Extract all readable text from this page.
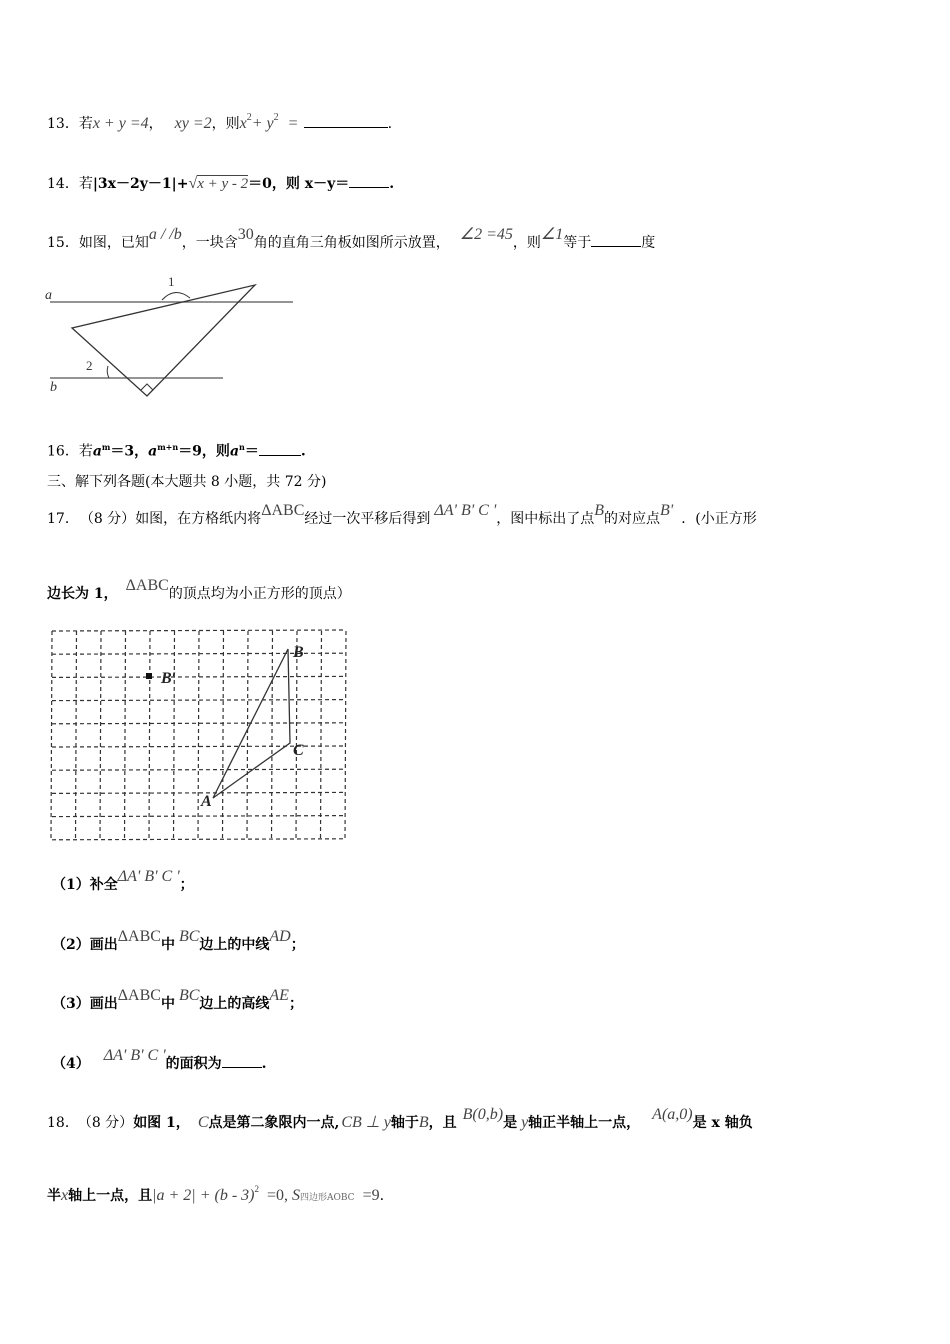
13．若x + y =4， xy =2，则$x^2+ y^2$ =	.
14．若|3x－2y－1|+√x + y - 2＝0，则 x－y＝	.
15．如图，已知a / /b，一块含30角的直角三角板如图所示放置， ∠2 =45，则∠1等于	度
a
b
1
2
16．若$a^m=3$，$a^{m+n}=9$，则$a^n=$	.
三、解下列各题(本大题共 8 小题，共 72 分)
17． （8 分）如图，在方格纸内将ΔABC经过一次平移后得到 ΔA' B' C '，图中标出了点B的对应点B' ．(小正方形
边长为 1， ΔABC的顶点均为小正方形的顶点）
B
C
A
B′
（1）补全ΔA' B' C '；
（2）画出ΔABC中 BC边上的中线AD；
（3）画出ΔABC中 BC边上的高线AE；
（4） ΔA' B' C '的面积为	.
18． （8 分）如图 1， C点是第二象限内一点, CB ⊥ y轴于B，且 B(0,b)是 y轴正半轴上一点， A(a,0)是 x 轴负
半x轴上一点，且|a + 2| + (b - 3)$^2$ =0, S四边形AOBC =9.
